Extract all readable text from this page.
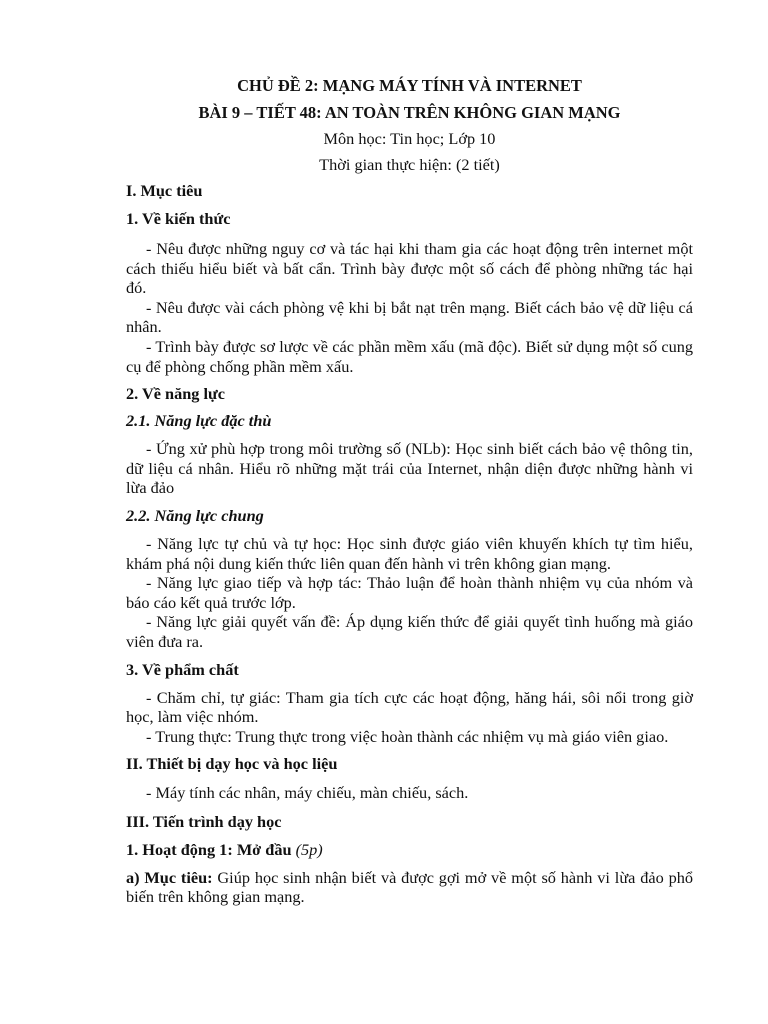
CHỦ ĐỀ 2: MẠNG MÁY TÍNH VÀ INTERNET

BÀI 9 – TIẾT 48: AN TOÀN TRÊN KHÔNG GIAN MẠNG

Môn học: Tin học; Lớp 10

Thời gian thực hiện: (2 tiết)

I. Mục tiêu

1. Về kiến thức

- Nêu được những nguy cơ và tác hại khi tham gia các hoạt động trên internet một cách thiếu hiểu biết và bất cẩn. Trình bày được một số cách để phòng những tác hại đó.

- Nêu được vài cách phòng vệ khi bị bắt nạt trên mạng. Biết cách bảo vệ dữ liệu cá nhân.

- Trình bày được sơ lược về các phần mềm xấu (mã độc). Biết sử dụng một số cung cụ để phòng chống phần mềm xấu.

2. Về năng lực

2.1. Năng lực đặc thù

- Ứng xử phù hợp trong môi trường số (NLb): Học sinh biết cách bảo vệ thông tin, dữ liệu cá nhân. Hiểu rõ những mặt trái của Internet, nhận diện được những hành vi lừa đảo

2.2. Năng lực chung

- Năng lực tự chủ và tự học: Học sinh được giáo viên khuyến khích tự tìm hiểu, khám phá nội dung kiến thức liên quan đến hành vi trên không gian mạng.

- Năng lực giao tiếp và hợp tác: Thảo luận để hoàn thành nhiệm vụ của nhóm và báo cáo kết quả trước lớp.

- Năng lực giải quyết vấn đề: Áp dụng kiến thức để giải quyết tình huống mà giáo viên đưa ra.

3. Về phẩm chất

- Chăm chỉ, tự giác: Tham gia tích cực các hoạt động, hăng hái, sôi nổi trong giờ học, làm việc nhóm.

- Trung thực: Trung thực trong việc hoàn thành các nhiệm vụ mà giáo viên giao.

II. Thiết bị dạy học và học liệu

- Máy tính các nhân, máy chiếu, màn chiếu, sách.

III. Tiến trình dạy học

1. Hoạt động 1: Mở đầu (5p)

a) Mục tiêu: Giúp học sinh nhận biết và được gợi mở về một số hành vi lừa đảo phổ biến trên không gian mạng.
